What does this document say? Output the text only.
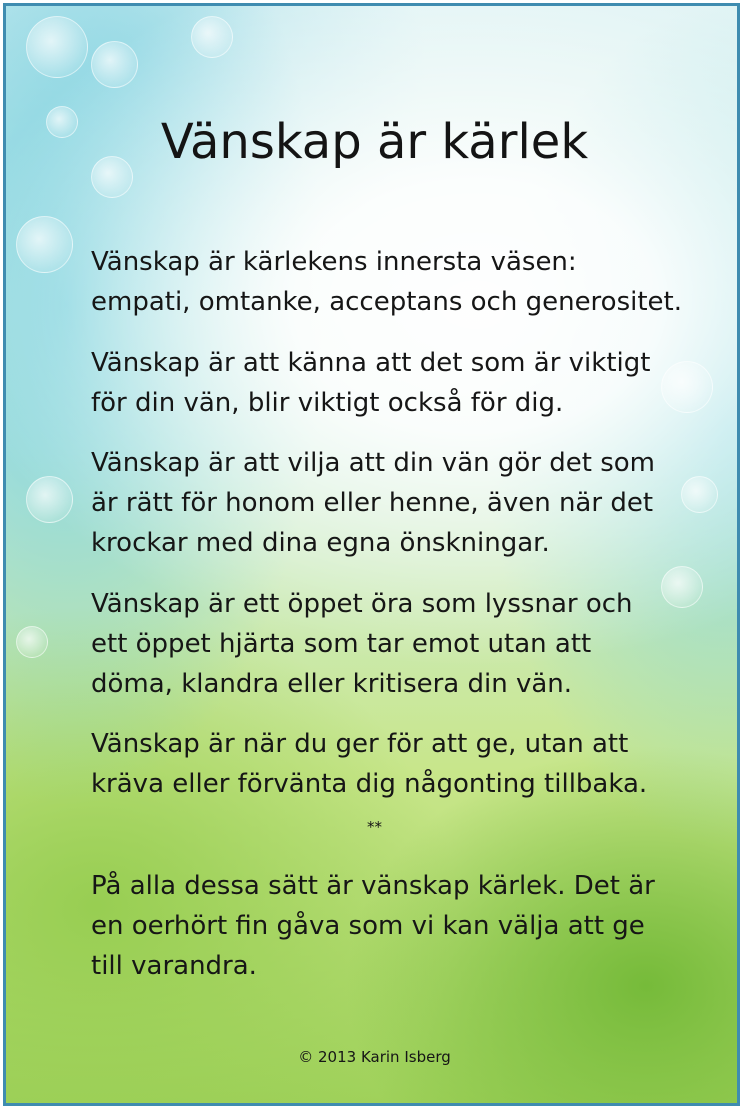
Vänskap är kärlek
Vänskap är kärlekens innersta väsen:
empati, omtanke, acceptans och generositet.
Vänskap är att känna att det som är viktigt
för din vän, blir viktigt också för dig.
Vänskap är att vilja att din vän gör det som
är rätt för honom eller henne, även när det
krockar med dina egna önskningar.
Vänskap är ett öppet öra som lyssnar och
ett öppet hjärta som tar emot utan att
döma, klandra eller kritisera din vän.
Vänskap är när du ger för att ge, utan att
kräva eller förvänta dig någonting tillbaka.
**
På alla dessa sätt är vänskap kärlek. Det är
en oerhört fin gåva som vi kan välja att ge
till varandra.
© 2013 Karin Isberg
